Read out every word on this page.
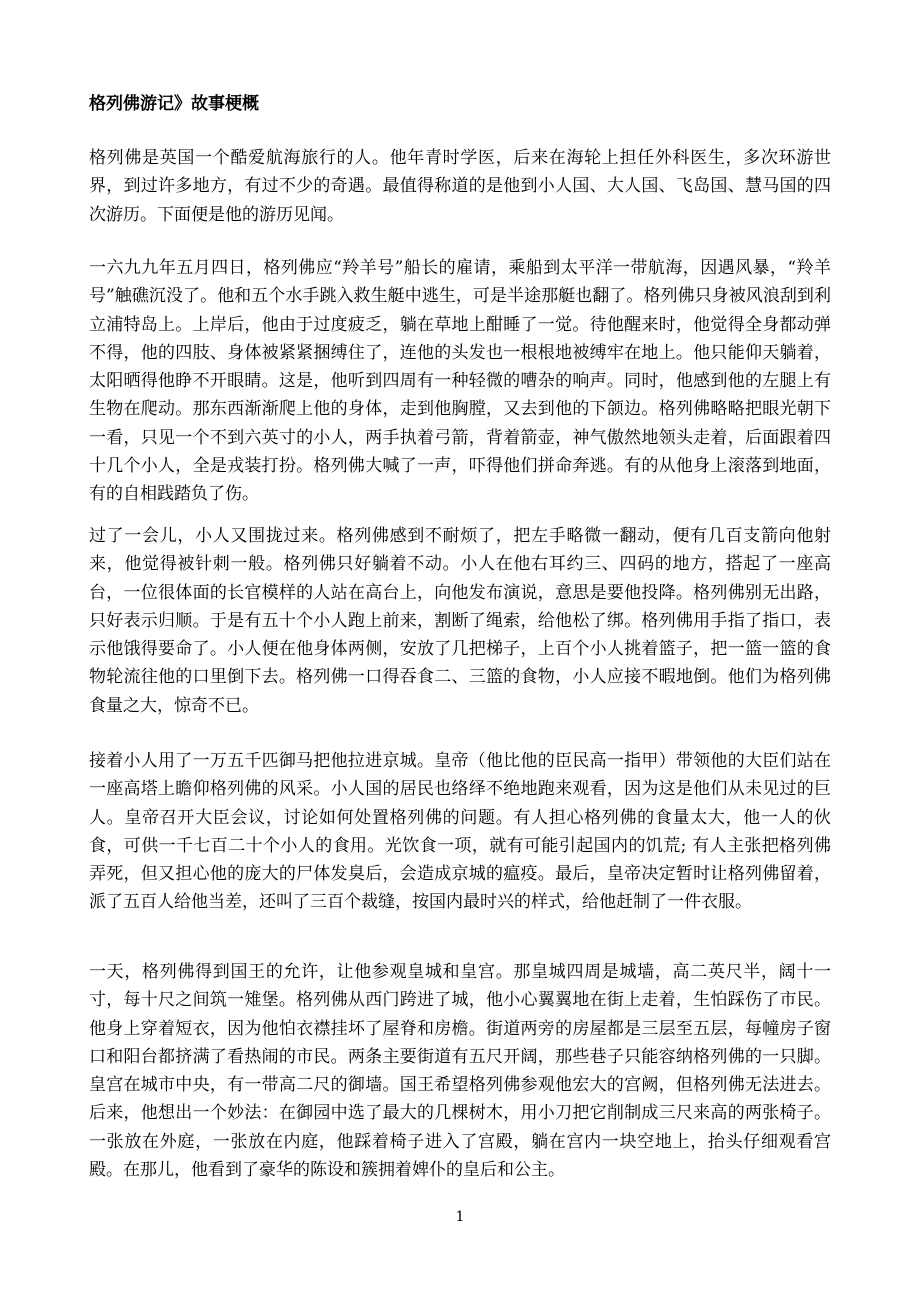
格列佛游记》故事梗概
格列佛是英国一个酷爱航海旅行的人。他年青时学医，后来在海轮上担任外科医生，多次环游世界，到过许多地方，有过不少的奇遇。最值得称道的是他到小人国、大人国、飞岛国、慧马国的四次游历。下面便是他的游历见闻。
一六九九年五月四日，格列佛应“羚羊号”船长的雇请，乘船到太平洋一带航海，因遇风暴，“羚羊号”触礁沉没了。他和五个水手跳入救生艇中逃生，可是半途那艇也翻了。格列佛只身被风浪刮到利立浦特岛上。上岸后，他由于过度疲乏，躺在草地上酣睡了一觉。待他醒来时，他觉得全身都动弹不得，他的四肢、身体被紧紧捆缚住了，连他的头发也一根根地被缚牢在地上。他只能仰天躺着，太阳晒得他睁不开眼睛。这是，他听到四周有一种轻微的嘈杂的响声。同时，他感到他的左腿上有生物在爬动。那东西渐渐爬上他的身体，走到他胸膛，又去到他的下颌边。格列佛略略把眼光朝下一看，只见一个不到六英寸的小人，两手执着弓箭，背着箭壶，神气傲然地领头走着，后面跟着四十几个小人，全是戎装打扮。格列佛大喊了一声，吓得他们拼命奔逃。有的从他身上滚落到地面，有的自相践踏负了伤。
过了一会儿，小人又围拢过来。格列佛感到不耐烦了，把左手略微一翻动，便有几百支箭向他射来，他觉得被针刺一般。格列佛只好躺着不动。小人在他右耳约三、四码的地方，搭起了一座高台，一位很体面的长官模样的人站在高台上，向他发布演说，意思是要他投降。格列佛别无出路，只好表示归顺。于是有五十个小人跑上前来，割断了绳索，给他松了绑。格列佛用手指了指口，表示他饿得要命了。小人便在他身体两侧，安放了几把梯子，上百个小人挑着篮子，把一篮一篮的食物轮流往他的口里倒下去。格列佛一口得吞食二、三篮的食物，小人应接不暇地倒。他们为格列佛食量之大，惊奇不已。
接着小人用了一万五千匹御马把他拉进京城。皇帝（他比他的臣民高一指甲）带领他的大臣们站在一座高塔上瞻仰格列佛的风采。小人国的居民也络绎不绝地跑来观看，因为这是他们从未见过的巨人。皇帝召开大臣会议，讨论如何处置格列佛的问题。有人担心格列佛的食量太大，他一人的伙食，可供一千七百二十个小人的食用。光饮食一项，就有可能引起国内的饥荒; 有人主张把格列佛弄死，但又担心他的庞大的尸体发臭后，会造成京城的瘟疫。最后，皇帝决定暂时让格列佛留着，派了五百人给他当差，还叫了三百个裁缝，按国内最时兴的样式，给他赶制了一件衣服。
一天，格列佛得到国王的允许，让他参观皇城和皇宫。那皇城四周是城墙，高二英尺半，阔十一寸，每十尺之间筑一雉堡。格列佛从西门跨进了城，他小心翼翼地在街上走着，生怕踩伤了市民。他身上穿着短衣，因为他怕衣襟挂坏了屋脊和房檐。街道两旁的房屋都是三层至五层，每幢房子窗口和阳台都挤满了看热闹的市民。两条主要街道有五尺开阔，那些巷子只能容纳格列佛的一只脚。皇宫在城市中央，有一带高二尺的御墙。国王希望格列佛参观他宏大的宫阙，但格列佛无法进去。后来，他想出一个妙法：在御园中选了最大的几棵树木，用小刀把它削制成三尺来高的两张椅子。一张放在外庭，一张放在内庭，他踩着椅子进入了宫殿，躺在宫内一块空地上，抬头仔细观看宫殿。在那儿，他看到了豪华的陈设和簇拥着婢仆的皇后和公主。
1
